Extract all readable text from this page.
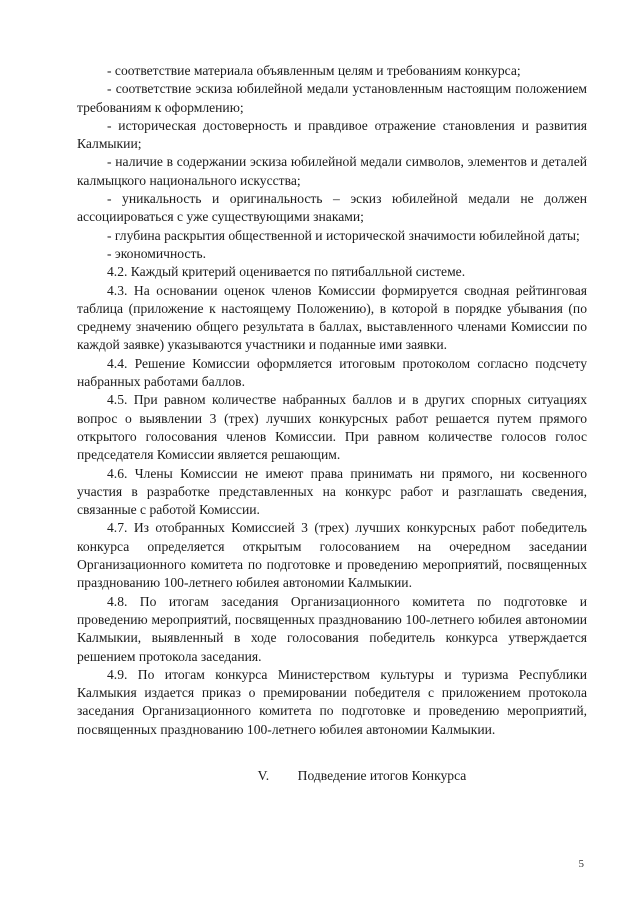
- соответствие материала объявленным целям и требованиям конкурса;

- соответствие эскиза юбилейной медали установленным настоящим положением требованиям к оформлению;

- историческая достоверность и правдивое отражение становления и развития Калмыкии;

- наличие в содержании эскиза юбилейной медали символов, элементов и деталей калмыцкого национального искусства;

- уникальность и оригинальность – эскиз юбилейной медали не должен ассоциироваться с уже существующими знаками;

- глубина раскрытия общественной и исторической значимости юбилейной даты;

- экономичность.

4.2. Каждый критерий оценивается по пятибалльной системе.

4.3. На основании оценок членов Комиссии формируется сводная рейтинговая таблица (приложение к настоящему Положению), в которой в порядке убывания (по среднему значению общего результата в баллах, выставленного членами Комиссии по каждой заявке) указываются участники и поданные ими заявки.

4.4. Решение Комиссии оформляется итоговым протоколом согласно подсчету набранных работами баллов.

4.5. При равном количестве набранных баллов и в других спорных ситуациях вопрос о выявлении 3 (трех) лучших конкурсных работ решается путем прямого открытого голосования членов Комиссии. При равном количестве голосов голос председателя Комиссии является решающим.

4.6. Члены Комиссии не имеют права принимать ни прямого, ни косвенного участия в разработке представленных на конкурс работ и разглашать сведения, связанные с работой Комиссии.

4.7. Из отобранных Комиссией 3 (трех) лучших конкурсных работ победитель конкурса определяется открытым голосованием на очередном заседании Организационного комитета по подготовке и проведению мероприятий, посвященных празднованию 100-летнего юбилея автономии Калмыкии.

4.8. По итогам заседания Организационного комитета по подготовке и проведению мероприятий, посвященных празднованию 100-летнего юбилея автономии Калмыкии, выявленный в ходе голосования победитель конкурса утверждается решением протокола заседания.

4.9. По итогам конкурса Министерством культуры и туризма Республики Калмыкия издается приказ о премировании победителя с приложением протокола заседания Организационного комитета по подготовке и проведению мероприятий, посвященных празднованию 100-летнего юбилея автономии Калмыкии.

V. Подведение итогов Конкурса
5
